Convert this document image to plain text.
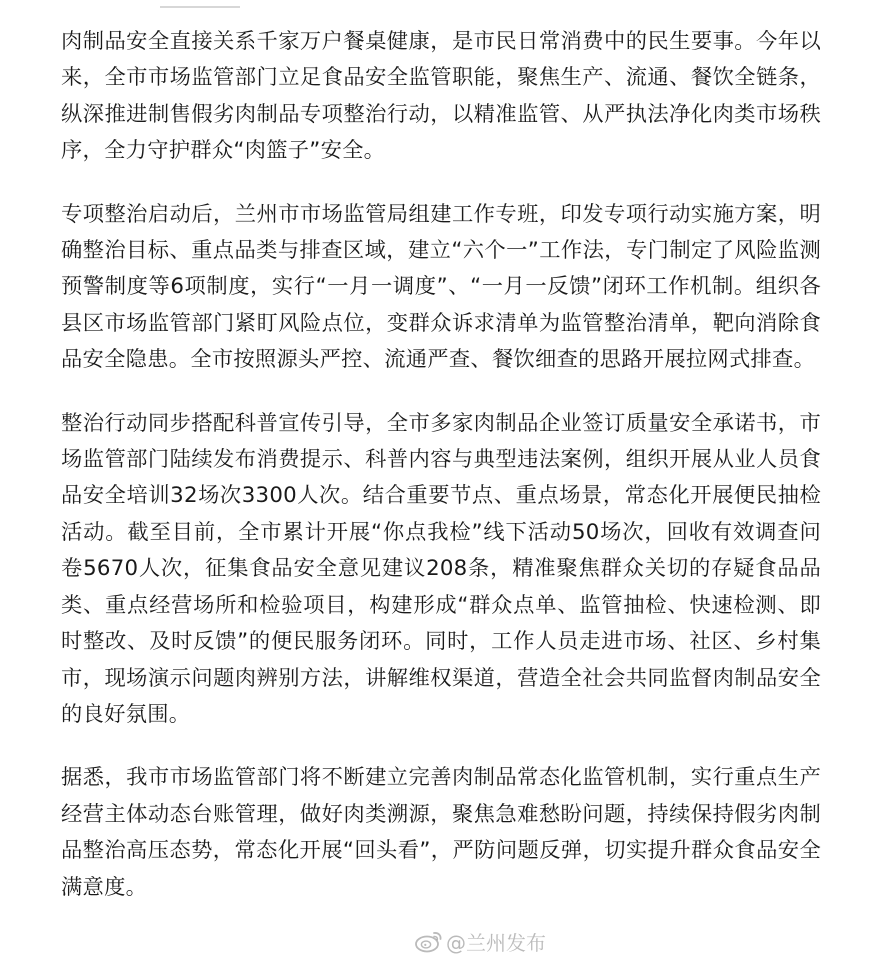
肉制品安全直接关系千家万户餐桌健康，是市民日常消费中的民生要事。今年以来，全市市场监管部门立足食品安全监管职能，聚焦生产、流通、餐饮全链条，纵深推进制售假劣肉制品专项整治行动，以精准监管、从严执法净化肉类市场秩序，全力守护群众“肉篮子”安全。

专项整治启动后，兰州市市场监管局组建工作专班，印发专项行动实施方案，明确整治目标、重点品类与排查区域，建立“六个一”工作法，专门制定了风险监测预警制度等6项制度，实行“一月一调度”、“一月一反馈”闭环工作机制。组织各县区市场监管部门紧盯风险点位，变群众诉求清单为监管整治清单，靶向消除食品安全隐患。全市按照源头严控、流通严查、餐饮细查的思路开展拉网式排查。

整治行动同步搭配科普宣传引导，全市多家肉制品企业签订质量安全承诺书，市场监管部门陆续发布消费提示、科普内容与典型违法案例，组织开展从业人员食品安全培训32场次3300人次。结合重要节点、重点场景，常态化开展便民抽检活动。截至目前，全市累计开展“你点我检”线下活动50场次，回收有效调查问卷5670人次，征集食品安全意见建议208条，精准聚焦群众关切的存疑食品品类、重点经营场所和检验项目，构建形成“群众点单、监管抽检、快速检测、即时整改、及时反馈”的便民服务闭环。同时，工作人员走进市场、社区、乡村集市，现场演示问题肉辨别方法，讲解维权渠道，营造全社会共同监督肉制品安全的良好氛围。

据悉，我市市场监管部门将不断建立完善肉制品常态化监管机制，实行重点生产经营主体动态台账管理，做好肉类溯源，聚焦急难愁盼问题，持续保持假劣肉制品整治高压态势，常态化开展“回头看”，严防问题反弹，切实提升群众食品安全满意度。

@兰州发布
